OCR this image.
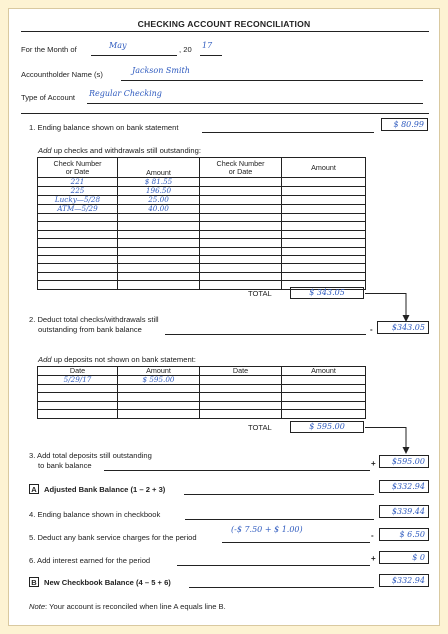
CHECKING ACCOUNT RECONCILIATION
For the Month of	May	, 20 17
Accountholder Name (s)	Jackson Smith
Type of Account Regular Checking
1. Ending balance shown on bank statement	$ 80.99
Add up checks and withdrawals still outstanding:
Check Number
or Date	Amount	Check Number
or Date	Amount
221	$ 81.55		
225	196.50		
Lucky—5/28	25.00		
ATM—5/29	40.00		

TOTAL	$ 343.05
2. Deduct total checks/withdrawals still
outstanding from bank balance	-	$343.05
Add up deposits not shown on bank statement:
Date	Amount	Date	Amount
5/29/17	$ 595.00		

TOTAL	$ 595.00
3. Add total deposits still outstanding
to bank balance	+	$595.00
A Adjusted Bank Balance (1 – 2 + 3)	$332.94
4. Ending balance shown in checkbook	$339.44
5. Deduct any bank service charges for the period
(-$ 7.50 + $ 1.00)
-	$ 6.50
6. Add interest earned for the period	+	$ 0
B New Checkbook Balance (4 – 5 + 6)	$332.94
Note: Your account is reconciled when line A equals line B.
